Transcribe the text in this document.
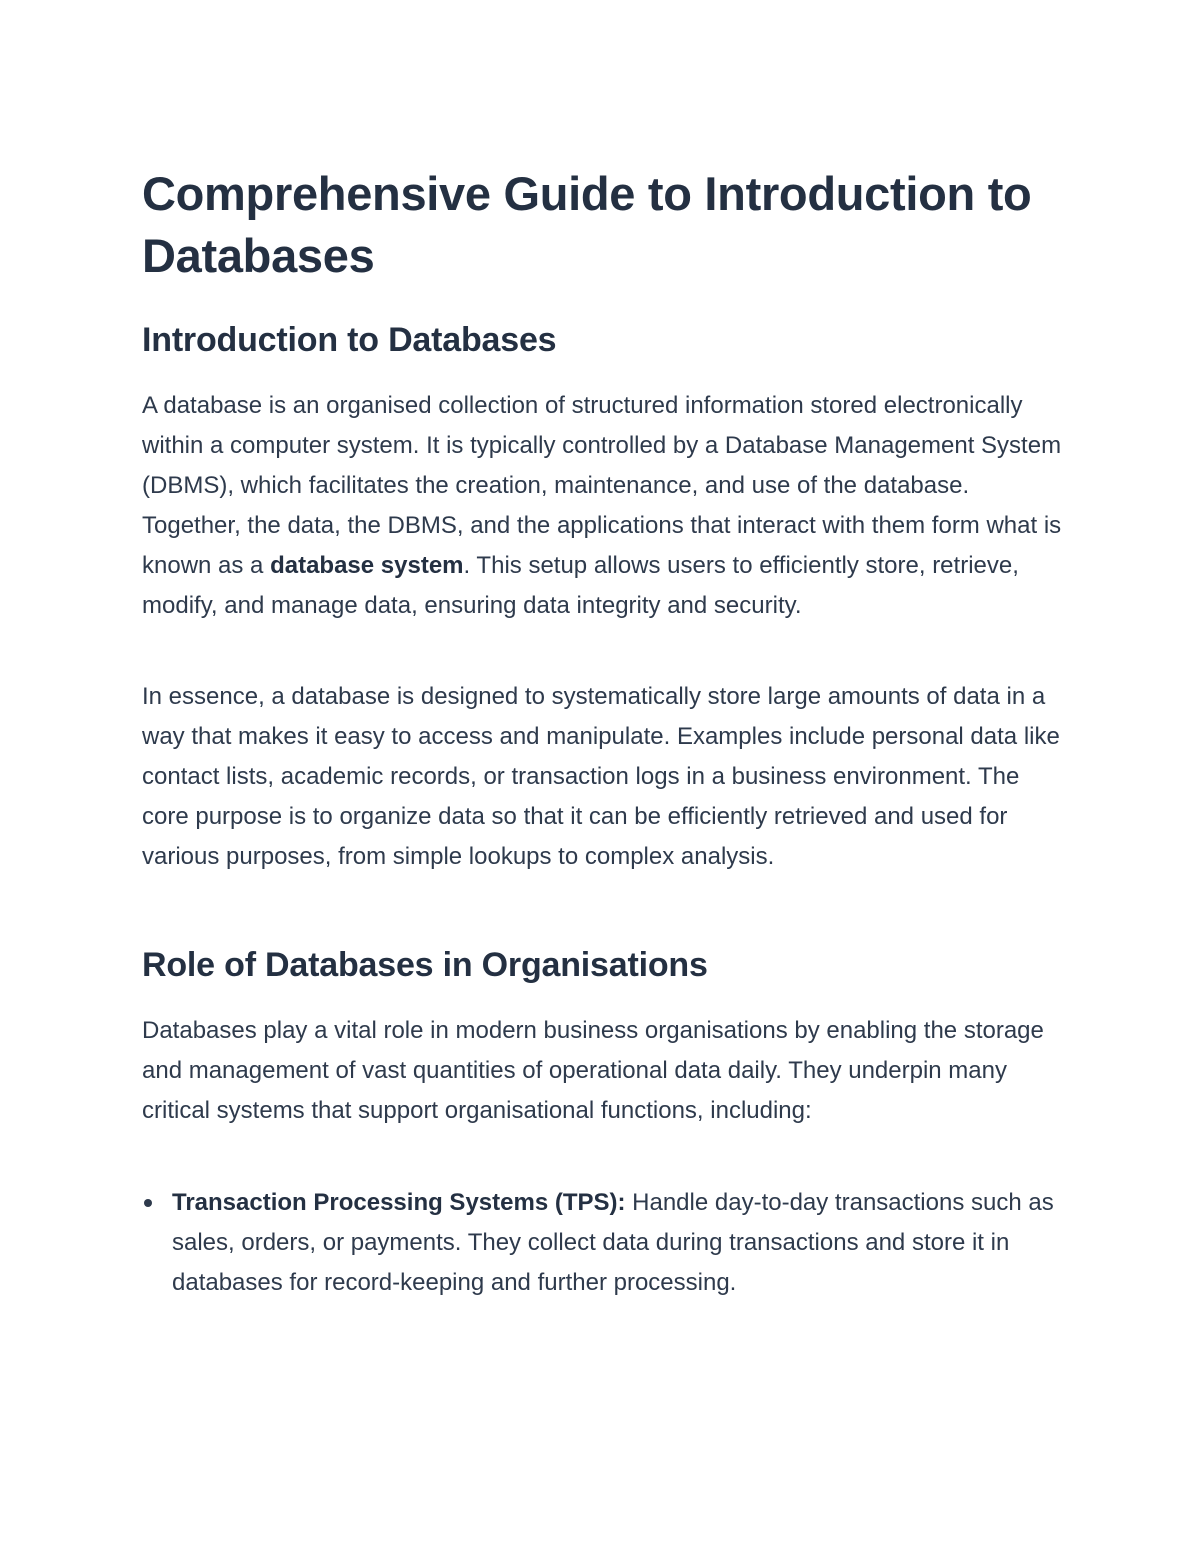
Comprehensive Guide to Introduction to Databases
Introduction to Databases

A database is an organised collection of structured information stored electronically within a computer system. It is typically controlled by a Database Management System (DBMS), which facilitates the creation, maintenance, and use of the database. Together, the data, the DBMS, and the applications that interact with them form what is known as a database system. This setup allows users to efficiently store, retrieve, modify, and manage data, ensuring data integrity and security.

In essence, a database is designed to systematically store large amounts of data in a way that makes it easy to access and manipulate. Examples include personal data like contact lists, academic records, or transaction logs in a business environment. The core purpose is to organize data so that it can be efficiently retrieved and used for various purposes, from simple lookups to complex analysis.

Role of Databases in Organisations

Databases play a vital role in modern business organisations by enabling the storage and management of vast quantities of operational data daily. They underpin many critical systems that support organisational functions, including:

Transaction Processing Systems (TPS): Handle day-to-day transactions such as sales, orders, or payments. They collect data during transactions and store it in databases for record-keeping and further processing.
